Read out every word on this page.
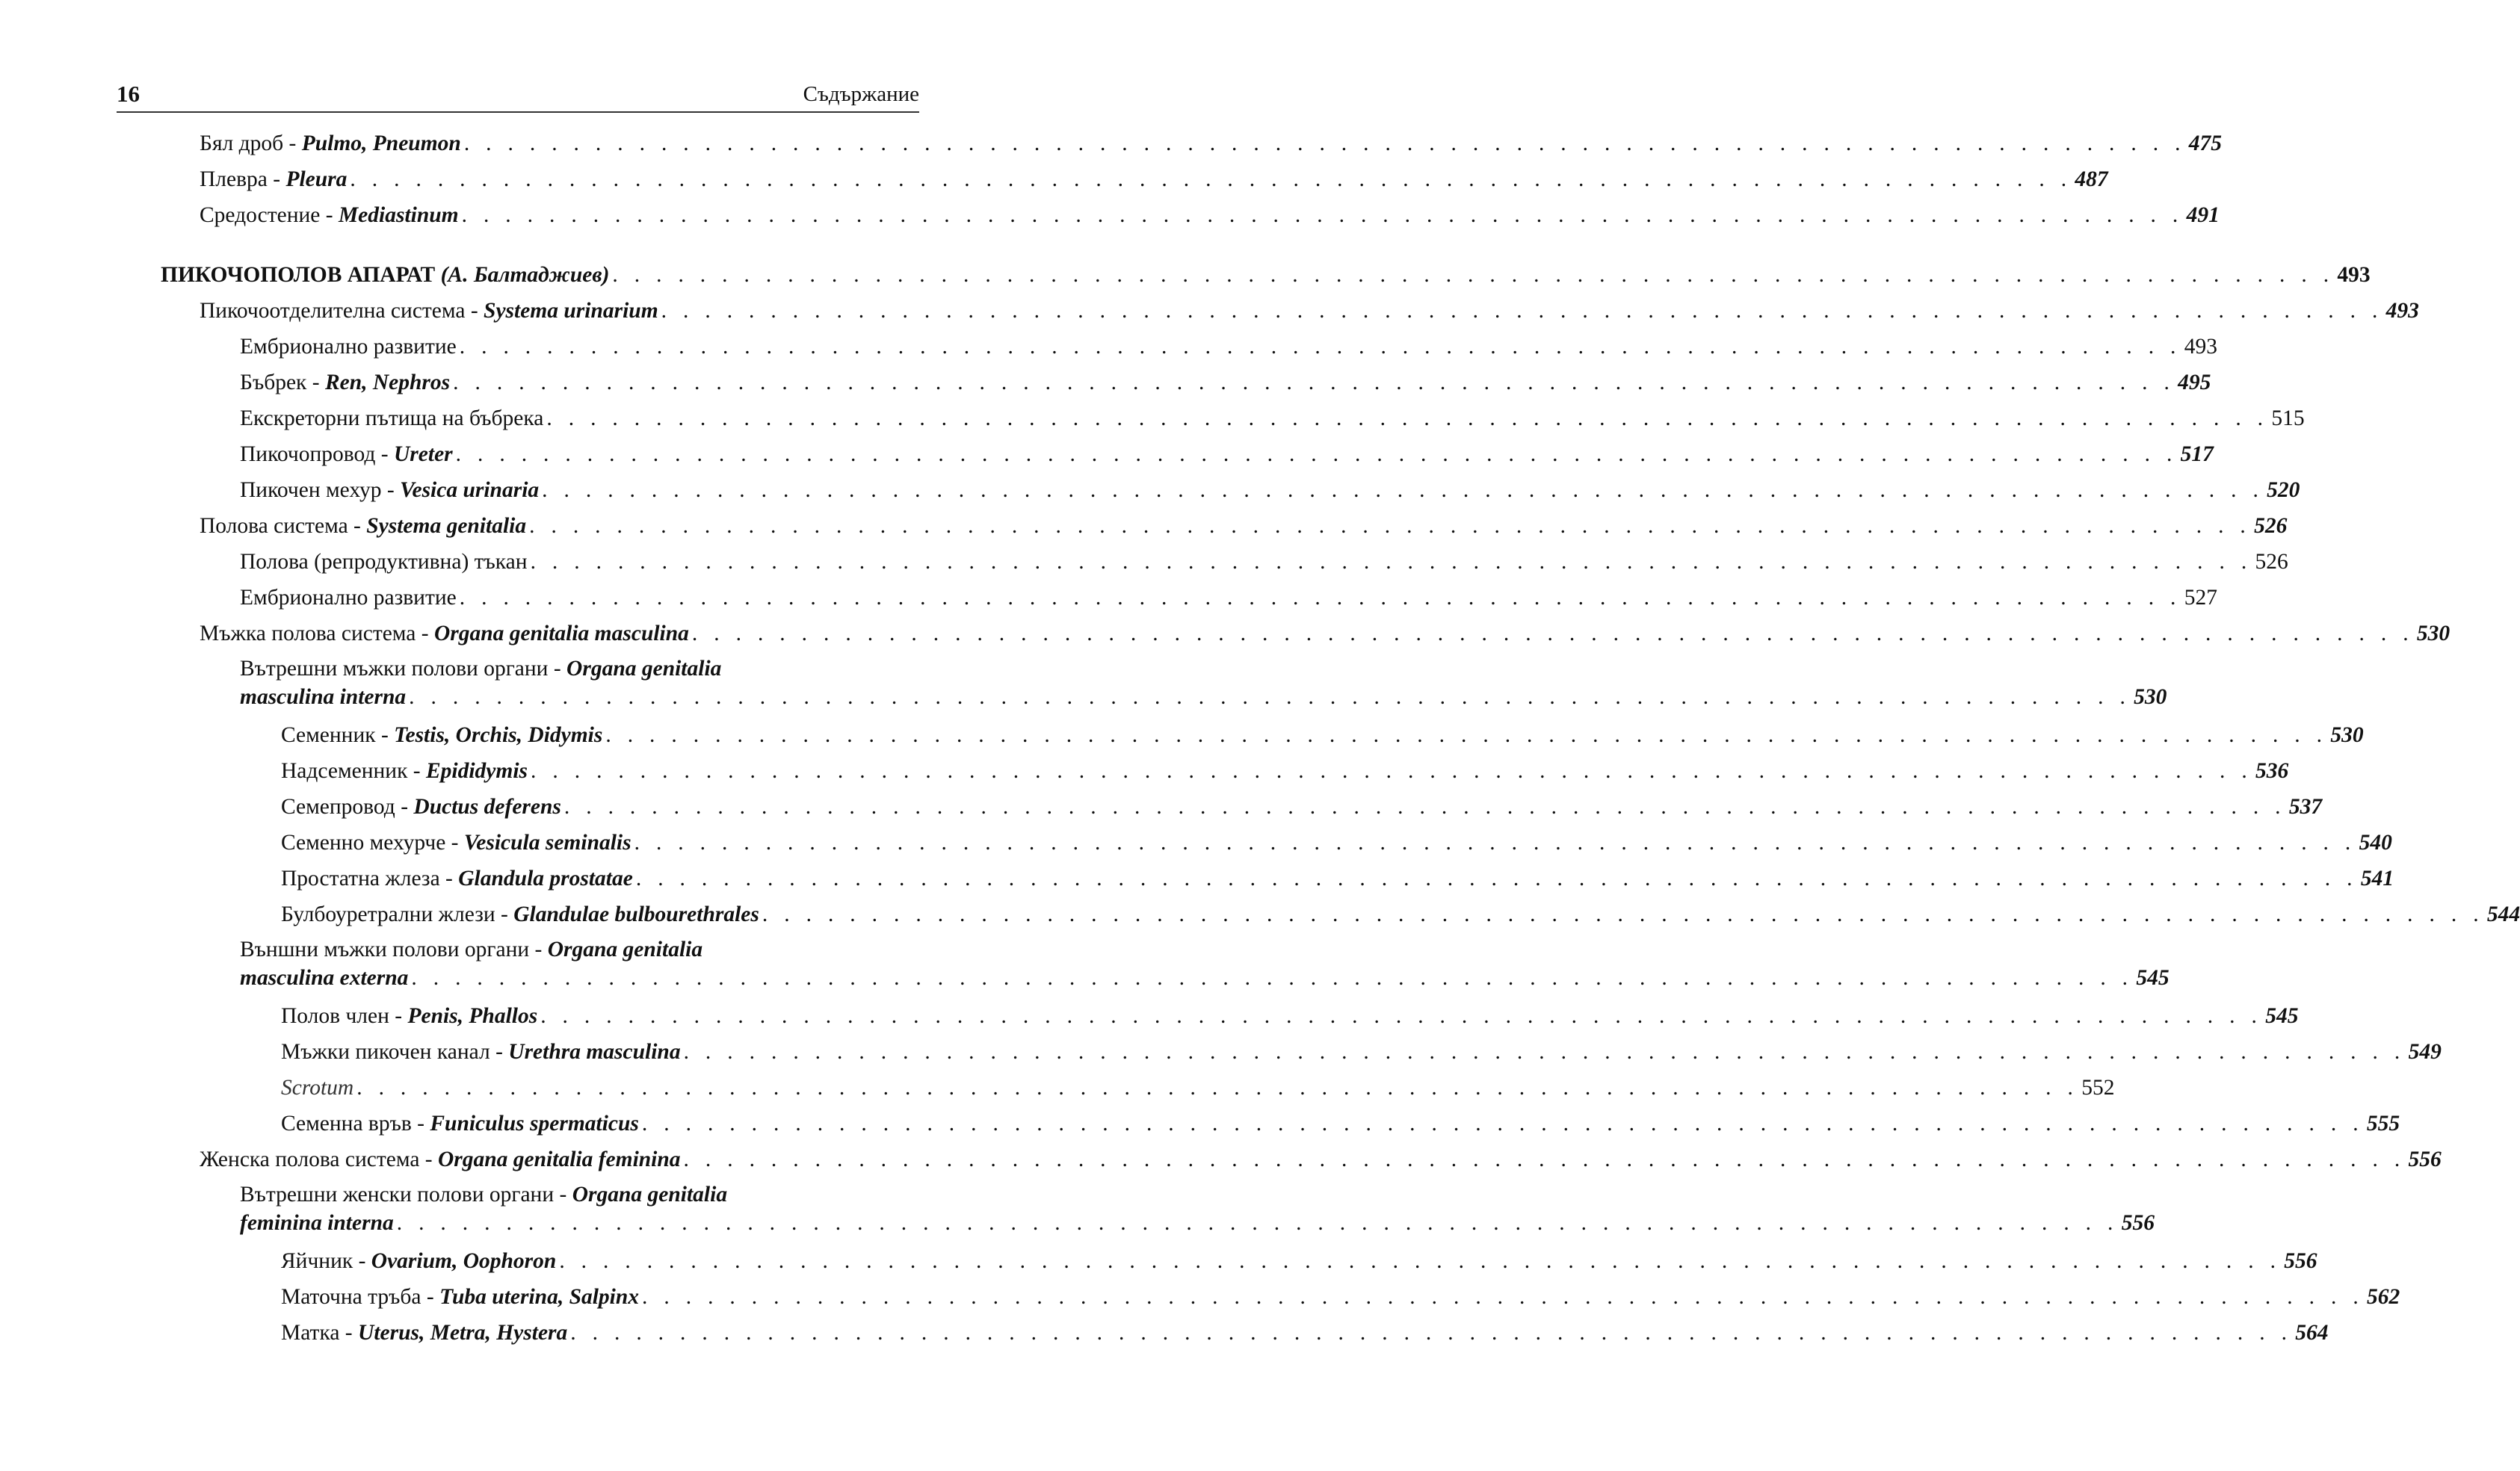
16	Съдържание
Бял дроб - Pulmo, Pneumon . . .	475
Плевра - Pleura . . .	487
Средостение - Mediastinum . . .	491
ПИКОЧОПОЛОВ АПАРАТ (А. Балтаджиев) . . .	493
Пикочоотделителна система - Systema urinarium . . .	493
Ембрионално развитие . . .	493
Бъбрек - Ren, Nephros . . .	495
Екскреторни пътища на бъбрека . . .	515
Пикочопровод - Ureter . . .	517
Пикочен мехур - Vesica urinaria . . .	520
Полова система - Systema genitalia . . .	526
Полова (репродуктивна) тъкан . . .	526
Ембрионално развитие . . .	527
Мъжка полова система - Organa genitalia masculina . . .	530
Вътрешни мъжки полови органи - Organa genitalia
masculina interna . . .	530
Семенник - Testis, Orchis, Didymis . . .	530
Надсеменник - Epididymis . . .	536
Семепровод - Ductus deferens . . .	537
Семенно мехурче - Vesicula seminalis . . .	540
Простатна жлеза - Glandula prostatae . . .	541
Булбоуретрални жлези - Glandulae bulbourethrales . . .	544
Външни мъжки полови органи - Organa genitalia
masculina externa . . .	545
Полов член - Penis, Phallos . . .	545
Мъжки пикочен канал - Urethra masculina . . .	549
Scrotum . . .	552
Семенна връв - Funiculus spermaticus . . .	555
Женска полова система - Organa genitalia feminina . . .	556
Вътрешни женски полови органи - Organa genitalia
feminina interna . . .	556
Яйчник - Ovarium, Oophoron . . .	556
Маточна тръба - Tuba uterina, Salpinx . . .	562
Матка - Uterus, Metra, Hystera . . .	564
